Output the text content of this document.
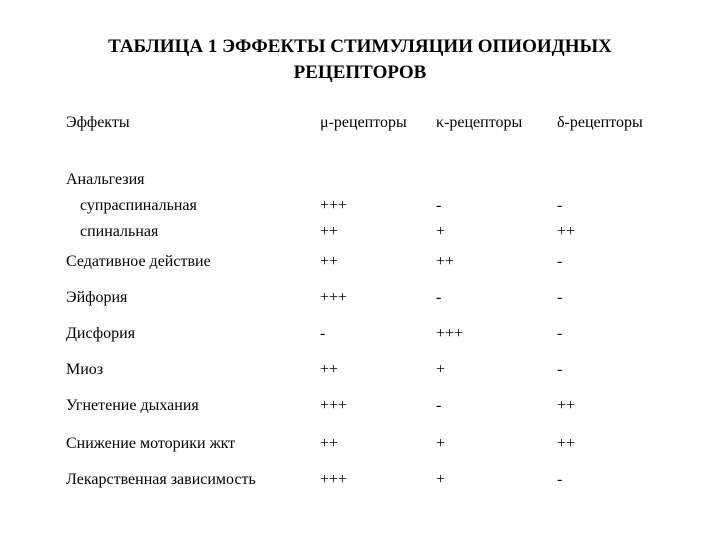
ТАБЛИЦА 1 ЭФФЕКТЫ СТИМУЛЯЦИИ ОПИОИДНЫХ
РЕЦЕПТОРОВ
Эффекты	μ-рецепторы κ-рецепторы δ-рецепторы
Анальгезия
супраспинальная	+++	-	-
спинальная	++	+	++
Седативное действие	++	++	-
Эйфория	+++	-	-
Дисфория	-	+++	-
Миоз	++	+	-
Угнетение дыхания	+++	-	++
Снижение моторики жкт	++	+	++
Лекарственная зависимость	+++	+	-
